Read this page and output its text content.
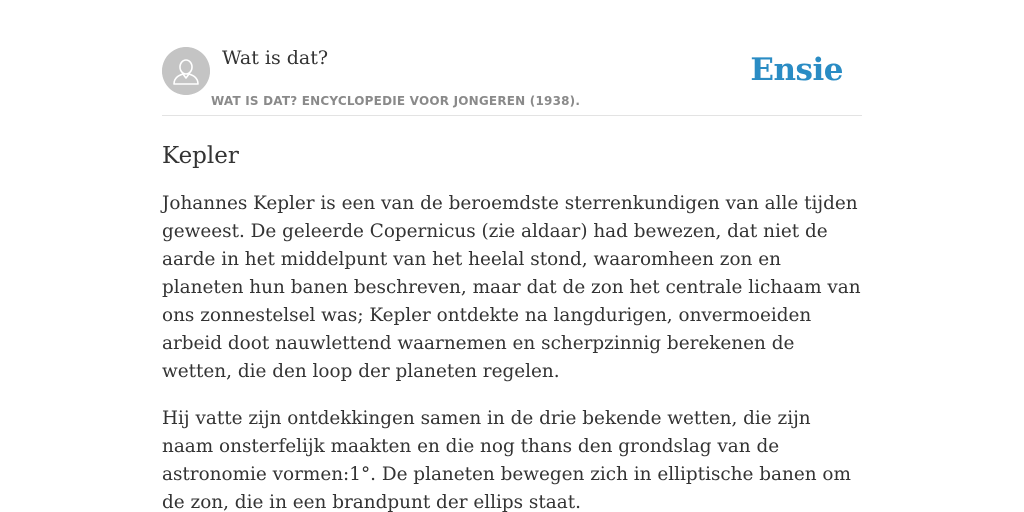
Wat is dat?
WAT IS DAT? ENCYCLOPEDIE VOOR JONGEREN (1938).
Ensie
Kepler

Johannes Kepler is een van de beroemdste sterrenkundigen van alle tijden geweest. De geleerde Copernicus (zie aldaar) had bewezen, dat niet de aarde in het middelpunt van het heelal stond, waaromheen zon en planeten hun banen beschreven, maar dat de zon het centrale lichaam van ons zonnestelsel was; Kepler ontdekte na langdurigen, onvermoeiden arbeid doot nauwlettend waarnemen en scherpzinnig berekenen de wetten, die den loop der planeten regelen.

Hij vatte zijn ontdekkingen samen in de drie bekende wetten, die zijn naam onsterfelijk maakten en die nog thans den grondslag van de astronomie vormen:1°. De planeten bewegen zich in elliptische banen om de zon, die in een brandpunt der ellips staat.
